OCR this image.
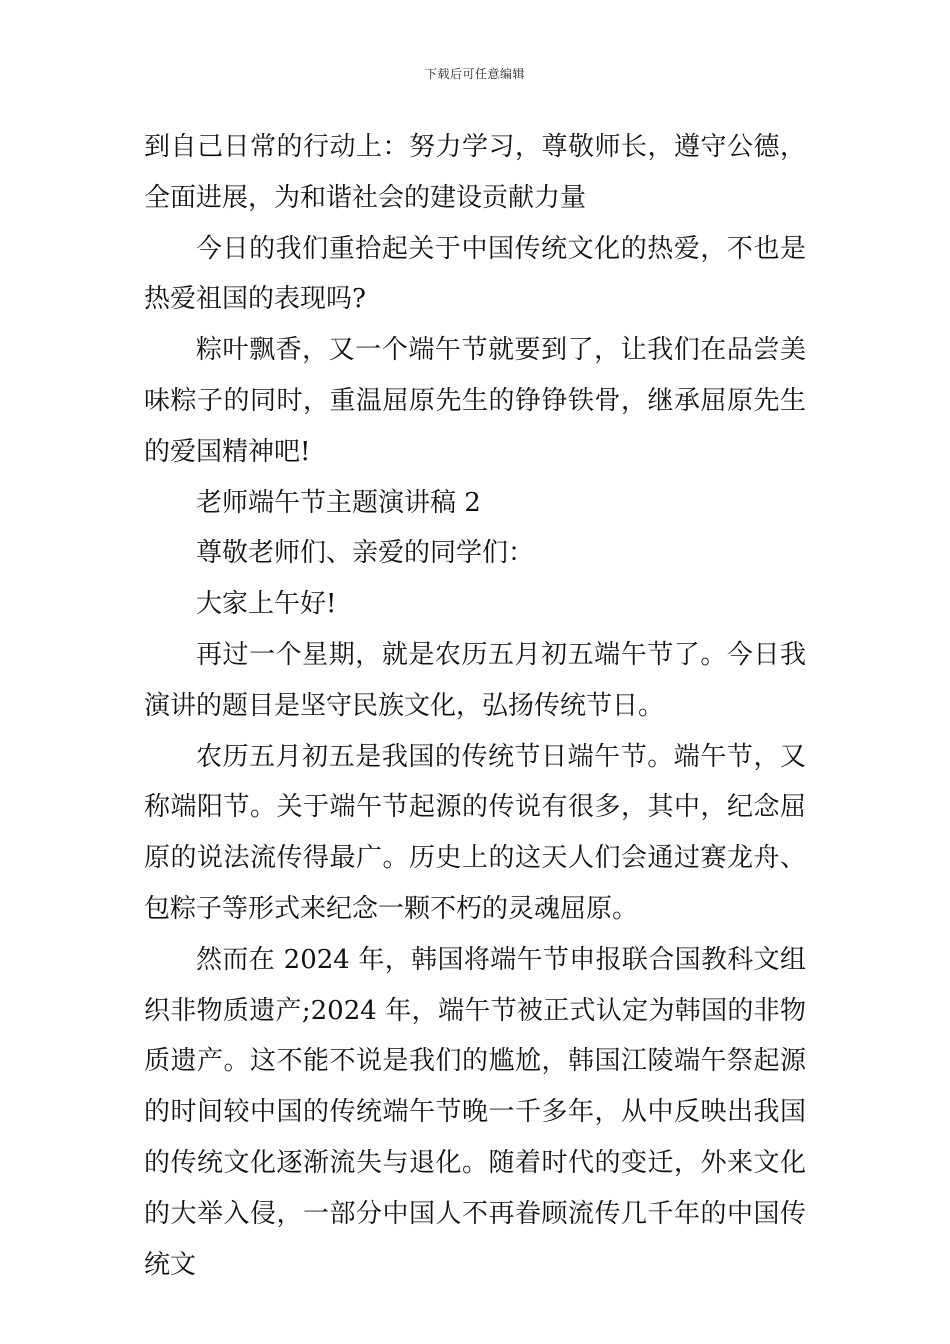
下载后可任意编辑

到自己日常的行动上：努力学习，尊敬师长，遵守公德，全面进展，为和谐社会的建设贡献力量

今日的我们重拾起关于中国传统文化的热爱，不也是热爱祖国的表现吗?

粽叶飘香，又一个端午节就要到了，让我们在品尝美味粽子的同时，重温屈原先生的铮铮铁骨，继承屈原先生的爱国精神吧!

老师端午节主题演讲稿 2

尊敬老师们、亲爱的同学们：

大家上午好!

再过一个星期，就是农历五月初五端午节了。今日我演讲的题目是坚守民族文化，弘扬传统节日。

农历五月初五是我国的传统节日端午节。端午节，又称端阳节。关于端午节起源的传说有很多，其中，纪念屈原的说法流传得最广。历史上的这天人们会通过赛龙舟、包粽子等形式来纪念一颗不朽的灵魂屈原。

然而在 2024 年，韩国将端午节申报联合国教科文组织非物质遗产;2024 年，端午节被正式认定为韩国的非物质遗产。这不能不说是我们的尴尬，韩国江陵端午祭起源的时间较中国的传统端午节晚一千多年，从中反映出我国的传统文化逐渐流失与退化。随着时代的变迁，外来文化的大举入侵，一部分中国人不再眷顾流传几千年的中国传统文
